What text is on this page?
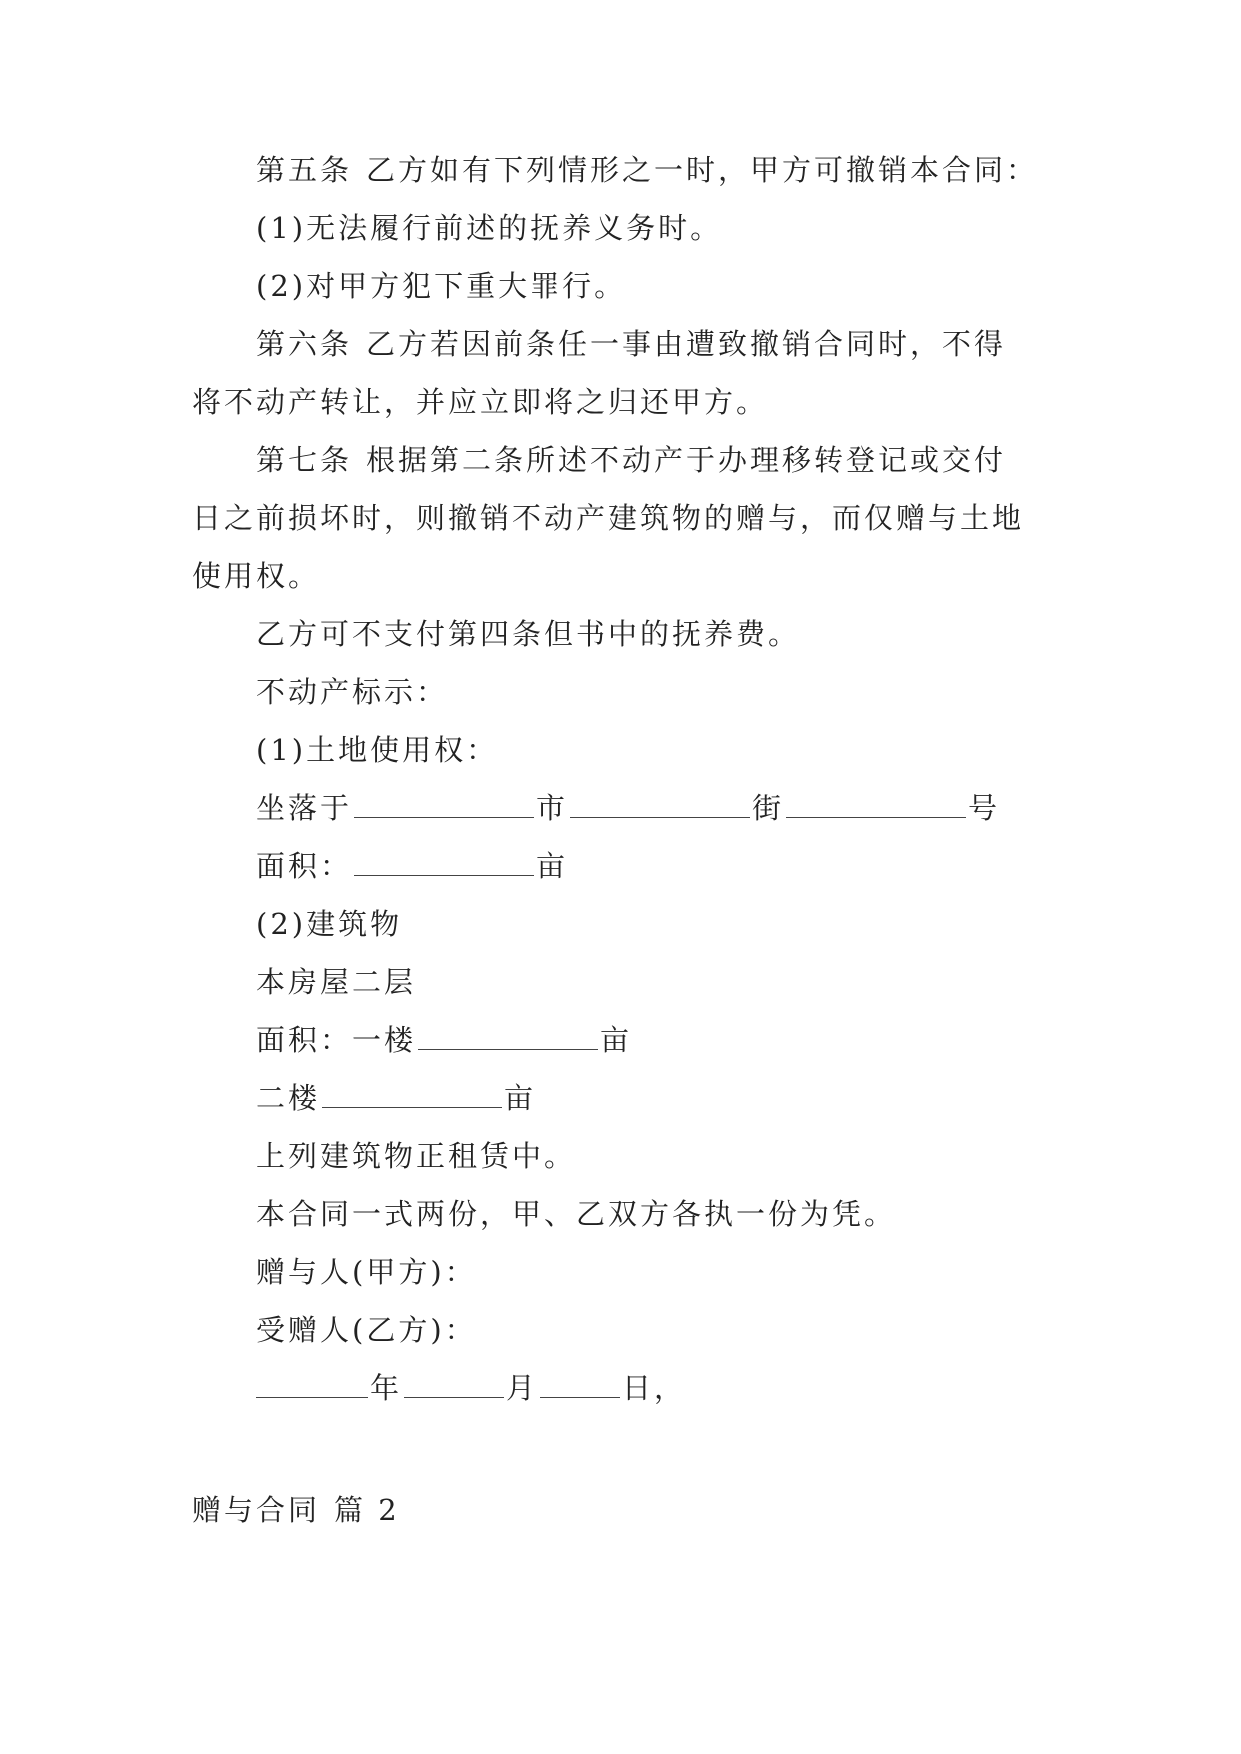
第五条 乙方如有下列情形之一时，甲方可撤销本合同：
(1)无法履行前述的抚养义务时。
(2)对甲方犯下重大罪行。
第六条 乙方若因前条任一事由遭致撤销合同时，不得
将不动产转让，并应立即将之归还甲方。
第七条 根据第二条所述不动产于办理移转登记或交付
日之前损坏时，则撤销不动产建筑物的赠与，而仅赠与土地
使用权。
乙方可不支付第四条但书中的抚养费。
不动产标示：
(1)土地使用权：
坐落于	市	街	号
面积：	亩
(2)建筑物
本房屋二层
面积：一楼	亩
二楼	亩
上列建筑物正租赁中。
本合同一式两份，甲、乙双方各执一份为凭。
赠与人(甲方)：
受赠人(乙方)：
年	月	日，
赠与合同 篇 2
